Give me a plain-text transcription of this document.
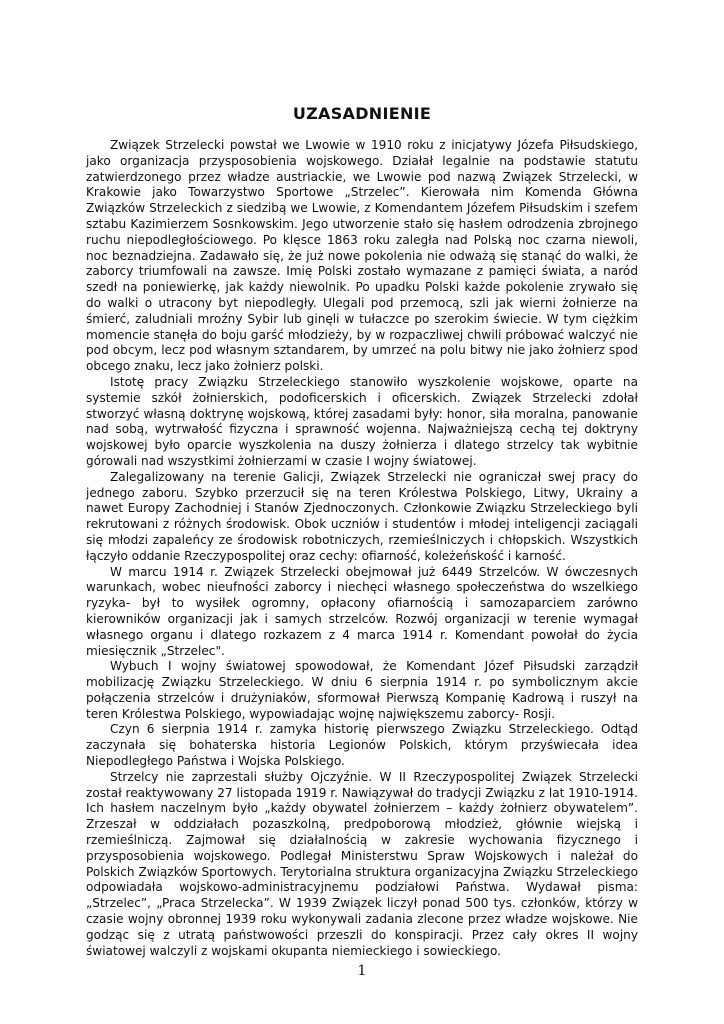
UZASADNIENIE

Związek Strzelecki powstał we Lwowie w 1910 roku z inicjatywy Józefa Piłsudskiego, jako organizacja przysposobienia wojskowego. Działał legalnie na podstawie statutu zatwierdzonego przez władze austriackie, we Lwowie pod nazwą Związek Strzelecki, w Krakowie jako Towarzystwo Sportowe „Strzelec”. Kierowała nim Komenda Główna Związków Strzeleckich z siedzibą we Lwowie, z Komendantem Józefem Piłsudskim i szefem sztabu Kazimierzem Sosnkowskim. Jego utworzenie stało się hasłem odrodzenia zbrojnego ruchu niepodległościowego. Po klęsce 1863 roku zaległa nad Polską noc czarna niewoli, noc beznadziejna. Zadawało się, że już nowe pokolenia nie odważą się stanąć do walki, że zaborcy triumfowali na zawsze. Imię Polski zostało wymazane z pamięci świata, a naród szedł na poniewierkę, jak każdy niewolnik. Po upadku Polski każde pokolenie zrywało się do walki o utracony byt niepodległy. Ulegali pod przemocą, szli jak wierni żołnierze na śmierć, zaludniali mroźny Sybir lub ginęli w tułaczce po szerokim świecie. W tym ciężkim momencie stanęła do boju garść młodzieży, by w rozpaczliwej chwili próbować walczyć nie pod obcym, lecz pod własnym sztandarem, by umrzeć na polu bitwy nie jako żołnierz spod obcego znaku, lecz jako żołnierz polski.

Istotę pracy Związku Strzeleckiego stanowiło wyszkolenie wojskowe, oparte na systemie szkół żołnierskich, podoficerskich i oficerskich. Związek Strzelecki zdołał stworzyć własną doktrynę wojskową, której zasadami były: honor, siła moralna, panowanie nad sobą, wytrwałość fizyczna i sprawność wojenna. Najważniejszą cechą tej doktryny wojskowej było oparcie wyszkolenia na duszy żołnierza i dlatego strzelcy tak wybitnie górowali nad wszystkimi żołnierzami w czasie I wojny światowej.

Zalegalizowany na terenie Galicji, Związek Strzelecki nie ograniczał swej pracy do jednego zaboru. Szybko przerzucił się na teren Królestwa Polskiego, Litwy, Ukrainy a nawet Europy Zachodniej i Stanów Zjednoczonych. Członkowie Związku Strzeleckiego byli rekrutowani z różnych środowisk. Obok uczniów i studentów i młodej inteligencji zaciągali się młodzi zapaleńcy ze środowisk robotniczych, rzemieślniczych i chłopskich. Wszystkich łączyło oddanie Rzeczypospolitej oraz cechy: ofiarność, koleżeńskość i karność.

W marcu 1914 r. Związek Strzelecki obejmował już 6449 Strzelców. W ówczesnych warunkach, wobec nieufności zaborcy i niechęci własnego społeczeństwa do wszelkiego ryzyka- był to wysiłek ogromny, opłacony ofiarnością i samozaparciem zarówno kierowników organizacji jak i samych strzelców. Rozwój organizacji w terenie wymagał własnego organu i dlatego rozkazem z 4 marca 1914 r. Komendant powołał do życia miesięcznik „Strzelec".

Wybuch I wojny światowej spowodował, że Komendant Józef Piłsudski zarządził mobilizację Związku Strzeleckiego. W dniu 6 sierpnia 1914 r. po symbolicznym akcie połączenia strzelców i drużyniaków, sformował Pierwszą Kompanię Kadrową i ruszył na teren Królestwa Polskiego, wypowiadając wojnę największemu zaborcy- Rosji.

Czyn 6 sierpnia 1914 r. zamyka historię pierwszego Związku Strzeleckiego. Odtąd zaczynała się bohaterska historia Legionów Polskich, którym przyświecała idea Niepodległego Państwa i Wojska Polskiego.

Strzelcy nie zaprzestali służby Ojczyźnie. W II Rzeczypospolitej Związek Strzelecki został reaktywowany 27 listopada 1919 r. Nawiązywał do tradycji Związku z lat 1910-1914. Ich hasłem naczelnym było „każdy obywatel żołnierzem – każdy żołnierz obywatelem”. Zrzeszał w oddziałach pozaszkolną, predpoborową młodzież, głównie wiejską i rzemieślniczą. Zajmował się działalnością w zakresie wychowania fizycznego i przysposobienia wojskowego. Podlegał Ministerstwu Spraw Wojskowych i należał do Polskich Związków Sportowych. Terytorialna struktura organizacyjna Związku Strzeleckiego odpowiadała wojskowo-administracyjnemu podziałowi Państwa. Wydawał pisma: „Strzelec”, „Praca Strzelecka”. W 1939 Związek liczył ponad 500 tys. członków, którzy w czasie wojny obronnej 1939 roku wykonywali zadania zlecone przez władze wojskowe. Nie godząc się z utratą państwowości przeszli do konspiracji. Przez cały okres II wojny światowej walczyli z wojskami okupanta niemieckiego i sowieckiego.

1
